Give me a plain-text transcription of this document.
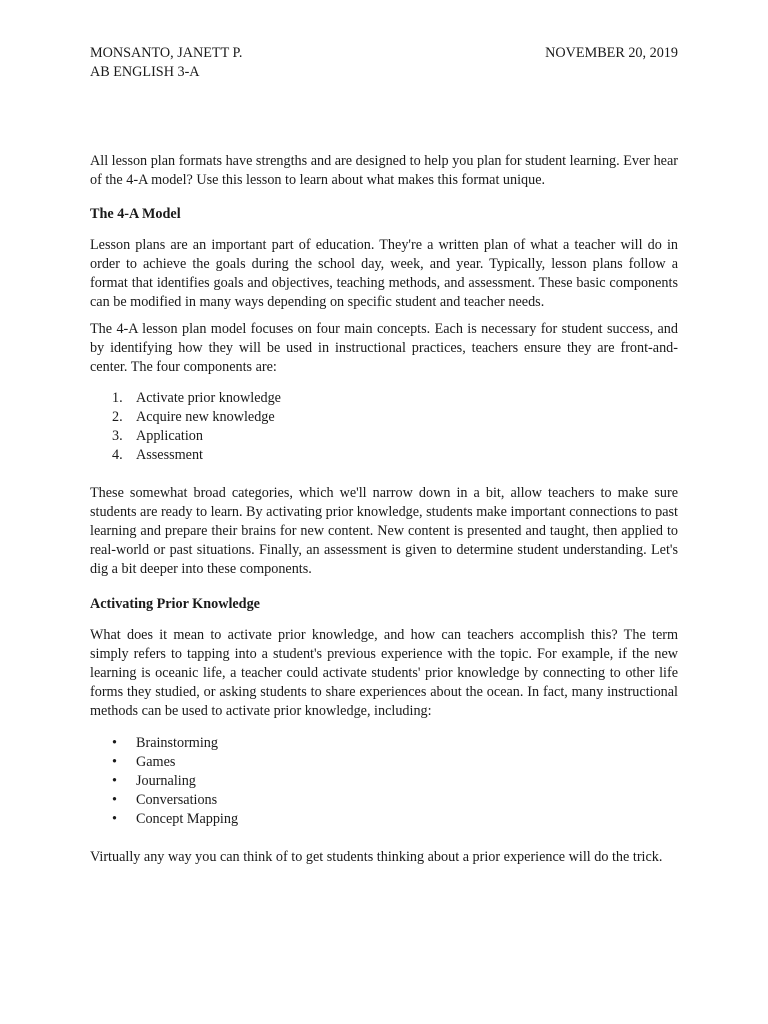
MONSANTO, JANETT P.	NOVEMBER 20, 2019
AB ENGLISH 3-A

All lesson plan formats have strengths and are designed to help you plan for student learning. Ever hear of the 4-A model? Use this lesson to learn about what makes this format unique.

The 4-A Model

Lesson plans are an important part of education. They're a written plan of what a teacher will do in order to achieve the goals during the school day, week, and year. Typically, lesson plans follow a format that identifies goals and objectives, teaching methods, and assessment. These basic components can be modified in many ways depending on specific student and teacher needs.

The 4-A lesson plan model focuses on four main concepts. Each is necessary for student success, and by identifying how they will be used in instructional practices, teachers ensure they are front-and-center. The four components are:

1. Activate prior knowledge
2. Acquire new knowledge
3. Application
4. Assessment

These somewhat broad categories, which we'll narrow down in a bit, allow teachers to make sure students are ready to learn. By activating prior knowledge, students make important connections to past learning and prepare their brains for new content. New content is presented and taught, then applied to real-world or past situations. Finally, an assessment is given to determine student understanding. Let's dig a bit deeper into these components.

Activating Prior Knowledge

What does it mean to activate prior knowledge, and how can teachers accomplish this? The term simply refers to tapping into a student's previous experience with the topic. For example, if the new learning is oceanic life, a teacher could activate students' prior knowledge by connecting to other life forms they studied, or asking students to share experiences about the ocean. In fact, many instructional methods can be used to activate prior knowledge, including:

•	Brainstorming
•	Games
•	Journaling
•	Conversations
•	Concept Mapping

Virtually any way you can think of to get students thinking about a prior experience will do the trick.
